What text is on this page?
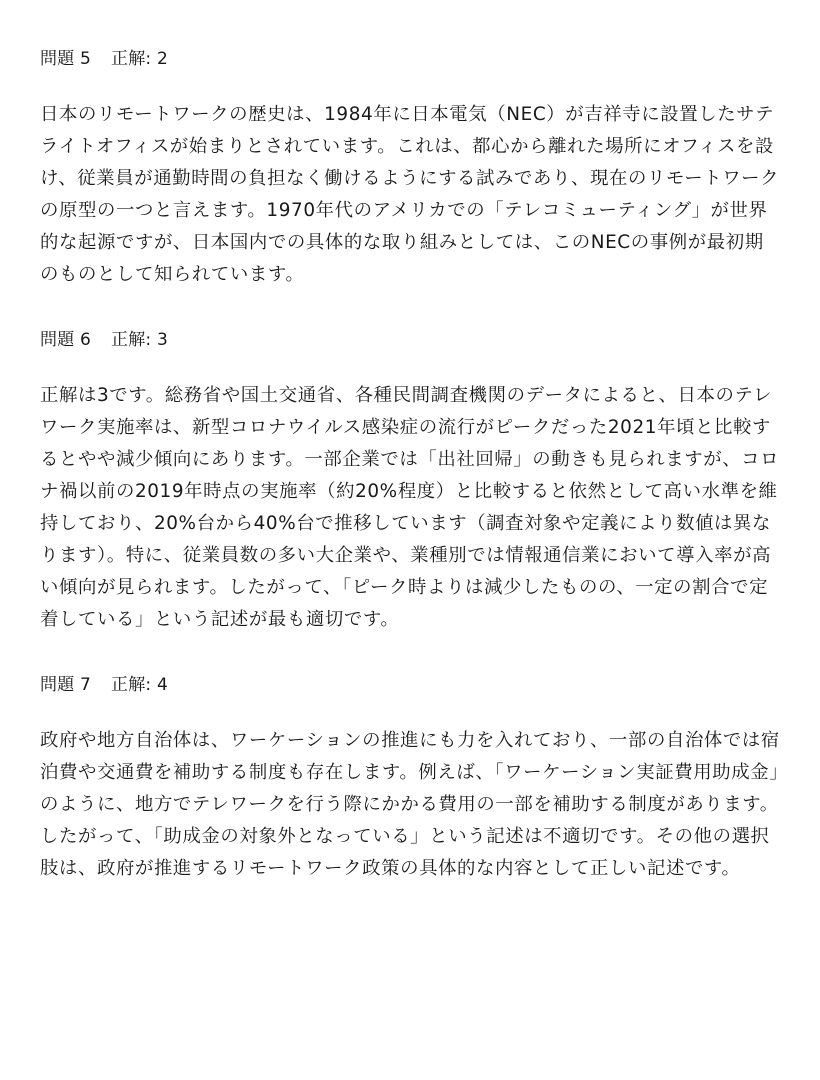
問題 5 正解: 2

日本のリモートワークの歴史は、1984年に日本電気（NEC）が吉祥寺に設置したサテライトオフィスが始まりとされています。これは、都心から離れた場所にオフィスを設け、従業員が通勤時間の負担なく働けるようにする試みであり、現在のリモートワークの原型の一つと言えます。1970年代のアメリカでの「テレコミューティング」が世界的な起源ですが、日本国内での具体的な取り組みとしては、このNECの事例が最初期のものとして知られています。

問題 6 正解: 3

正解は3です。総務省や国土交通省、各種民間調査機関のデータによると、日本のテレワーク実施率は、新型コロナウイルス感染症の流行がピークだった2021年頃と比較するとやや減少傾向にあります。一部企業では「出社回帰」の動きも見られますが、コロナ禍以前の2019年時点の実施率（約20%程度）と比較すると依然として高い水準を維持しており、20%台から40%台で推移しています（調査対象や定義により数値は異なります）。特に、従業員数の多い大企業や、業種別では情報通信業において導入率が高い傾向が見られます。したがって、「ピーク時よりは減少したものの、一定の割合で定着している」という記述が最も適切です。

問題 7 正解: 4

政府や地方自治体は、ワーケーションの推進にも力を入れており、一部の自治体では宿泊費や交通費を補助する制度も存在します。例えば、「ワーケーション実証費用助成金」のように、地方でテレワークを行う際にかかる費用の一部を補助する制度があります。したがって、「助成金の対象外となっている」という記述は不適切です。その他の選択肢は、政府が推進するリモートワーク政策の具体的な内容として正しい記述です。
